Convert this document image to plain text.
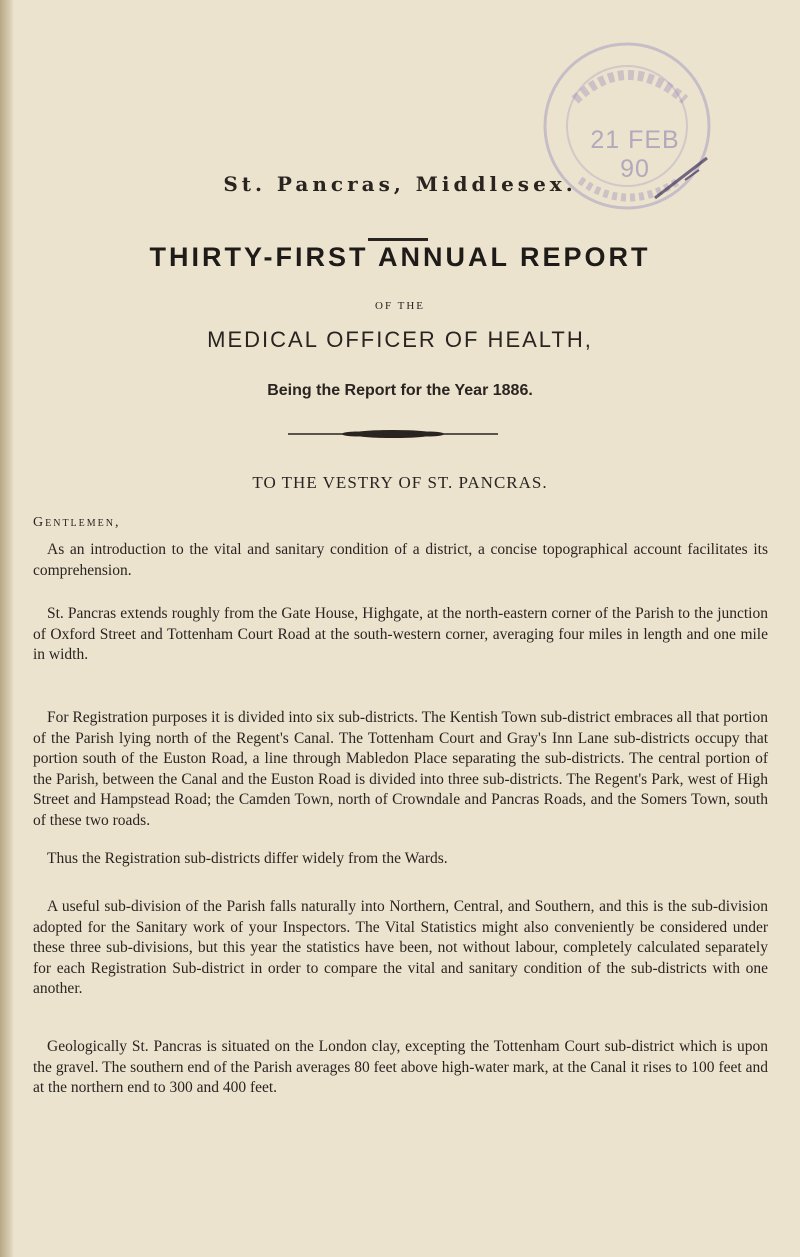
21 FEB 90
St. Pancras, Middlesex.
THIRTY-FIRST ANNUAL REPORT
OF THE
MEDICAL OFFICER OF HEALTH,
Being the Report for the Year 1886.
TO THE VESTRY OF ST. PANCRAS.
Gentlemen,
As an introduction to the vital and sanitary condition of a district, a concise topographical account facilitates its comprehension.
St. Pancras extends roughly from the Gate House, Highgate, at the north-eastern corner of the Parish to the junction of Oxford Street and Tottenham Court Road at the south-western corner, averaging four miles in length and one mile in width.
For Registration purposes it is divided into six sub-districts. The Kentish Town sub-district embraces all that portion of the Parish lying north of the Regent's Canal. The Tottenham Court and Gray's Inn Lane sub-districts occupy that portion south of the Euston Road, a line through Mabledon Place separating the sub-districts. The central portion of the Parish, between the Canal and the Euston Road is divided into three sub-districts. The Regent's Park, west of High Street and Hampstead Road; the Camden Town, north of Crowndale and Pancras Roads, and the Somers Town, south of these two roads.
Thus the Registration sub-districts differ widely from the Wards.
A useful sub-division of the Parish falls naturally into Northern, Central, and Southern, and this is the sub-division adopted for the Sanitary work of your Inspectors. The Vital Statistics might also conveniently be considered under these three sub-divisions, but this year the statistics have been, not without labour, completely calculated separately for each Registration Sub-district in order to compare the vital and sanitary condition of the sub-districts with one another.
Geologically St. Pancras is situated on the London clay, excepting the Tottenham Court sub-district which is upon the gravel. The southern end of the Parish averages 80 feet above high-water mark, at the Canal it rises to 100 feet and at the northern end to 300 and 400 feet.
